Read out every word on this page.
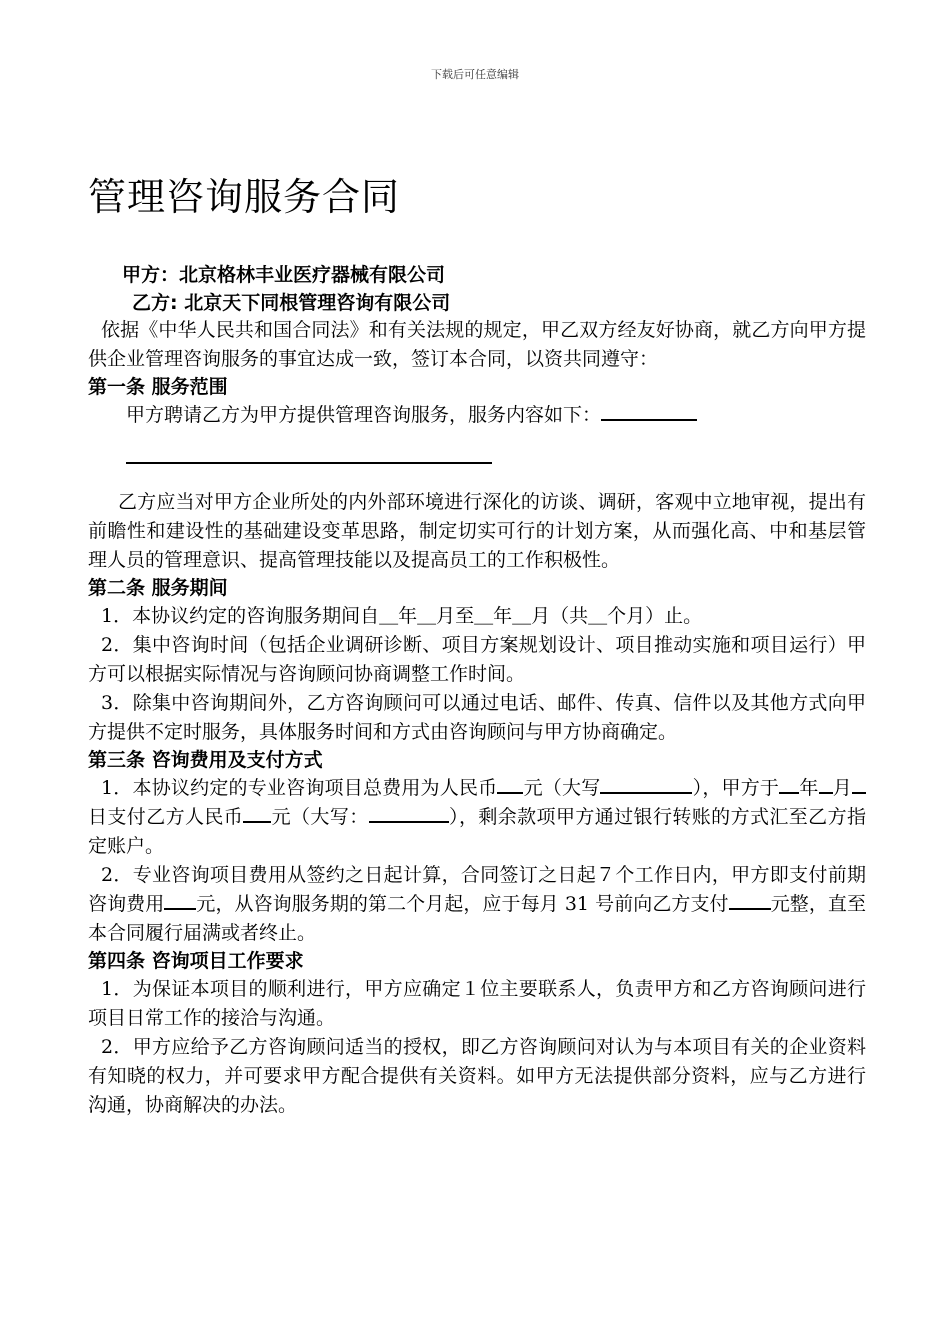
下载后可任意编辑
管理咨询服务合同
甲方：北京格林丰业医疗器械有限公司
乙方: 北京天下同根管理咨询有限公司

依据《中华人民共和国合同法》和有关法规的规定，甲乙双方经友好协商，就乙方向甲方提供企业管理咨询服务的事宜达成一致，签订本合同，以资共同遵守：

第一条 服务范围

甲方聘请乙方为甲方提供管理咨询服务，服务内容如下：

乙方应当对甲方企业所处的内外部环境进行深化的访谈、调研，客观中立地审视，提出有前瞻性和建设性的基础建设变革思路，制定切实可行的计划方案，从而强化高、中和基层管理人员的管理意识、提高管理技能以及提高员工的工作积极性。

第二条 服务期间

1．本协议约定的咨询服务期间自＿年＿月至＿年＿月（共＿个月）止。

2．集中咨询时间（包括企业调研诊断、项目方案规划设计、项目推动实施和项目运行）甲方可以根据实际情况与咨询顾问协商调整工作时间。

3．除集中咨询期间外，乙方咨询顾问可以通过电话、邮件、传真、信件以及其他方式向甲方提供不定时服务，具体服务时间和方式由咨询顾问与甲方协商确定。

第三条 咨询费用及支付方式

1．本协议约定的专业咨询项目总费用为人民币 元（大写	），甲方于 年 月日支付乙方人民币 元（大写：	），剩余款项甲方通过银行转账的方式汇至乙方指定账户。

2．专业咨询项目费用从签约之日起计算，合同签订之日起７个工作日内，甲方即支付前期咨询费用 元，从咨询服务期的第二个月起，应于每月 31 号前向乙方支付 元整，直至本合同履行届满或者终止。

第四条 咨询项目工作要求

1．为保证本项目的顺利进行，甲方应确定１位主要联系人，负责甲方和乙方咨询顾问进行项目日常工作的接洽与沟通。

2．甲方应给予乙方咨询顾问适当的授权，即乙方咨询顾问对认为与本项目有关的企业资料有知晓的权力，并可要求甲方配合提供有关资料。如甲方无法提供部分资料，应与乙方进行沟通，协商解决的办法。
